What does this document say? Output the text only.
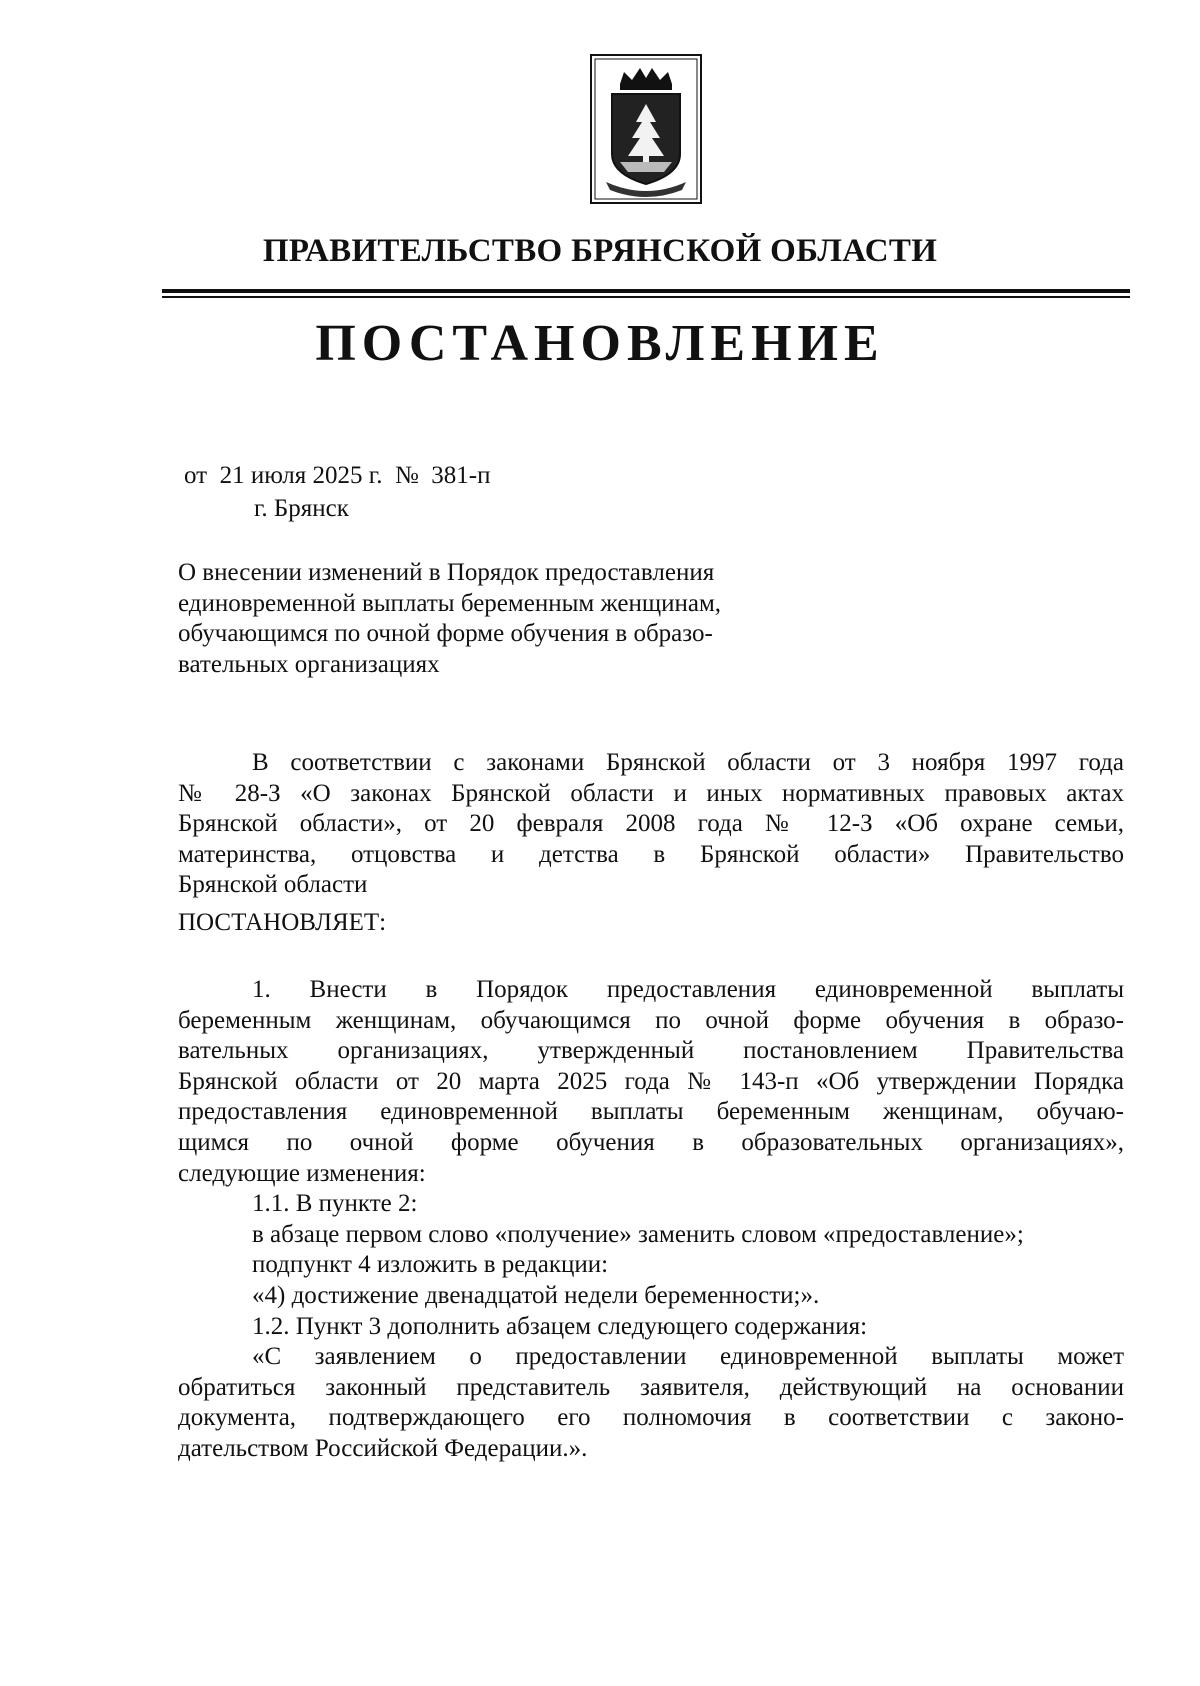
ПРАВИТЕЛЬСТВО БРЯНСКОЙ ОБЛАСТИ
ПОСТАНОВЛЕНИЕ
от  21 июля 2025 г.  №  381-п
г. Брянск
О внесении изменений в Порядок предоставления
единовременной выплаты беременным женщинам,
обучающимся по очной форме обучения в образо-
вательных организациях
В соответствии с законами Брянской области от 3 ноября 1997 года
№ 28-З «О законах Брянской области и иных нормативных правовых актах
Брянской области», от 20 февраля 2008 года № 12-З «Об охране семьи,
материнства, отцовства и детства в Брянской области» Правительство
Брянской области
ПОСТАНОВЛЯЕТ:
1. Внести в Порядок предоставления единовременной выплаты
беременным женщинам, обучающимся по очной форме обучения в образо-
вательных организациях, утвержденный постановлением Правительства
Брянской области от 20 марта 2025 года № 143-п «Об утверждении Порядка
предоставления единовременной выплаты беременным женщинам, обучаю-
щимся по очной форме обучения в образовательных организациях»,
следующие изменения:
1.1. В пункте 2:
в абзаце первом слово «получение» заменить словом «предоставление»;
подпункт 4 изложить в редакции:
«4) достижение двенадцатой недели беременности;».
1.2. Пункт 3 дополнить абзацем следующего содержания:
«С заявлением о предоставлении единовременной выплаты может
обратиться законный представитель заявителя, действующий на основании
документа, подтверждающего его полномочия в соответствии с законо-
дательством Российской Федерации.».
